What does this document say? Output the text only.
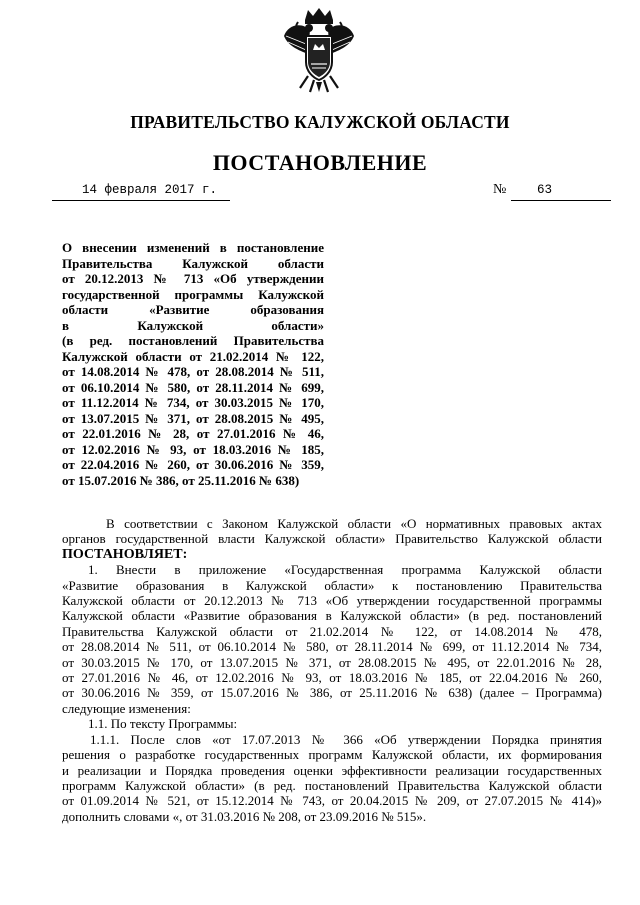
ПРАВИТЕЛЬСТВО КАЛУЖСКОЙ ОБЛАСТИ
ПОСТАНОВЛЕНИЕ
14 февраля 2017 г.	№	63
О внесении изменений в постановление
Правительства Калужской области
от 20.12.2013 № 713 «Об утверждении
государственной программы Калужской
области «Развитие образования
в Калужской области»
(в ред. постановлений Правительства
Калужской области от 21.02.2014 № 122,
от 14.08.2014 № 478, от 28.08.2014 № 511,
от 06.10.2014 № 580, от 28.11.2014 № 699,
от 11.12.2014 № 734, от 30.03.2015 № 170,
от 13.07.2015 № 371, от 28.08.2015 № 495,
от 22.01.2016 № 28, от 27.01.2016 № 46,
от 12.02.2016 № 93, от 18.03.2016 № 185,
от 22.04.2016 № 260, от 30.06.2016 № 359,
от 15.07.2016 № 386, от 25.11.2016 № 638)
В соответствии с Законом Калужской области «О нормативных правовых актах
органов государственной власти Калужской области» Правительство Калужской области
ПОСТАНОВЛЯЕТ:
1. Внести в приложение «Государственная программа Калужской области
«Развитие образования в Калужской области» к постановлению Правительства
Калужской области от 20.12.2013 № 713 «Об утверждении государственной программы
Калужской области «Развитие образования в Калужской области» (в ред. постановлений
Правительства Калужской области от 21.02.2014 № 122, от 14.08.2014 № 478,
от 28.08.2014 № 511, от 06.10.2014 № 580, от 28.11.2014 № 699, от 11.12.2014 № 734,
от 30.03.2015 № 170, от 13.07.2015 № 371, от 28.08.2015 № 495, от 22.01.2016 № 28,
от 27.01.2016 № 46, от 12.02.2016 № 93, от 18.03.2016 № 185, от 22.04.2016 № 260,
от 30.06.2016 № 359, от 15.07.2016 № 386, от 25.11.2016 № 638) (далее – Программа)
следующие изменения:
1.1. По тексту Программы:
1.1.1. После слов «от 17.07.2013 № 366 «Об утверждении Порядка принятия
решения о разработке государственных программ Калужской области, их формирования
и реализации и Порядка проведения оценки эффективности реализации государственных
программ Калужской области» (в ред. постановлений Правительства Калужской области
от 01.09.2014 № 521, от 15.12.2014 № 743, от 20.04.2015 № 209, от 27.07.2015 № 414)»
дополнить словами «, от 31.03.2016 № 208, от 23.09.2016 № 515».
